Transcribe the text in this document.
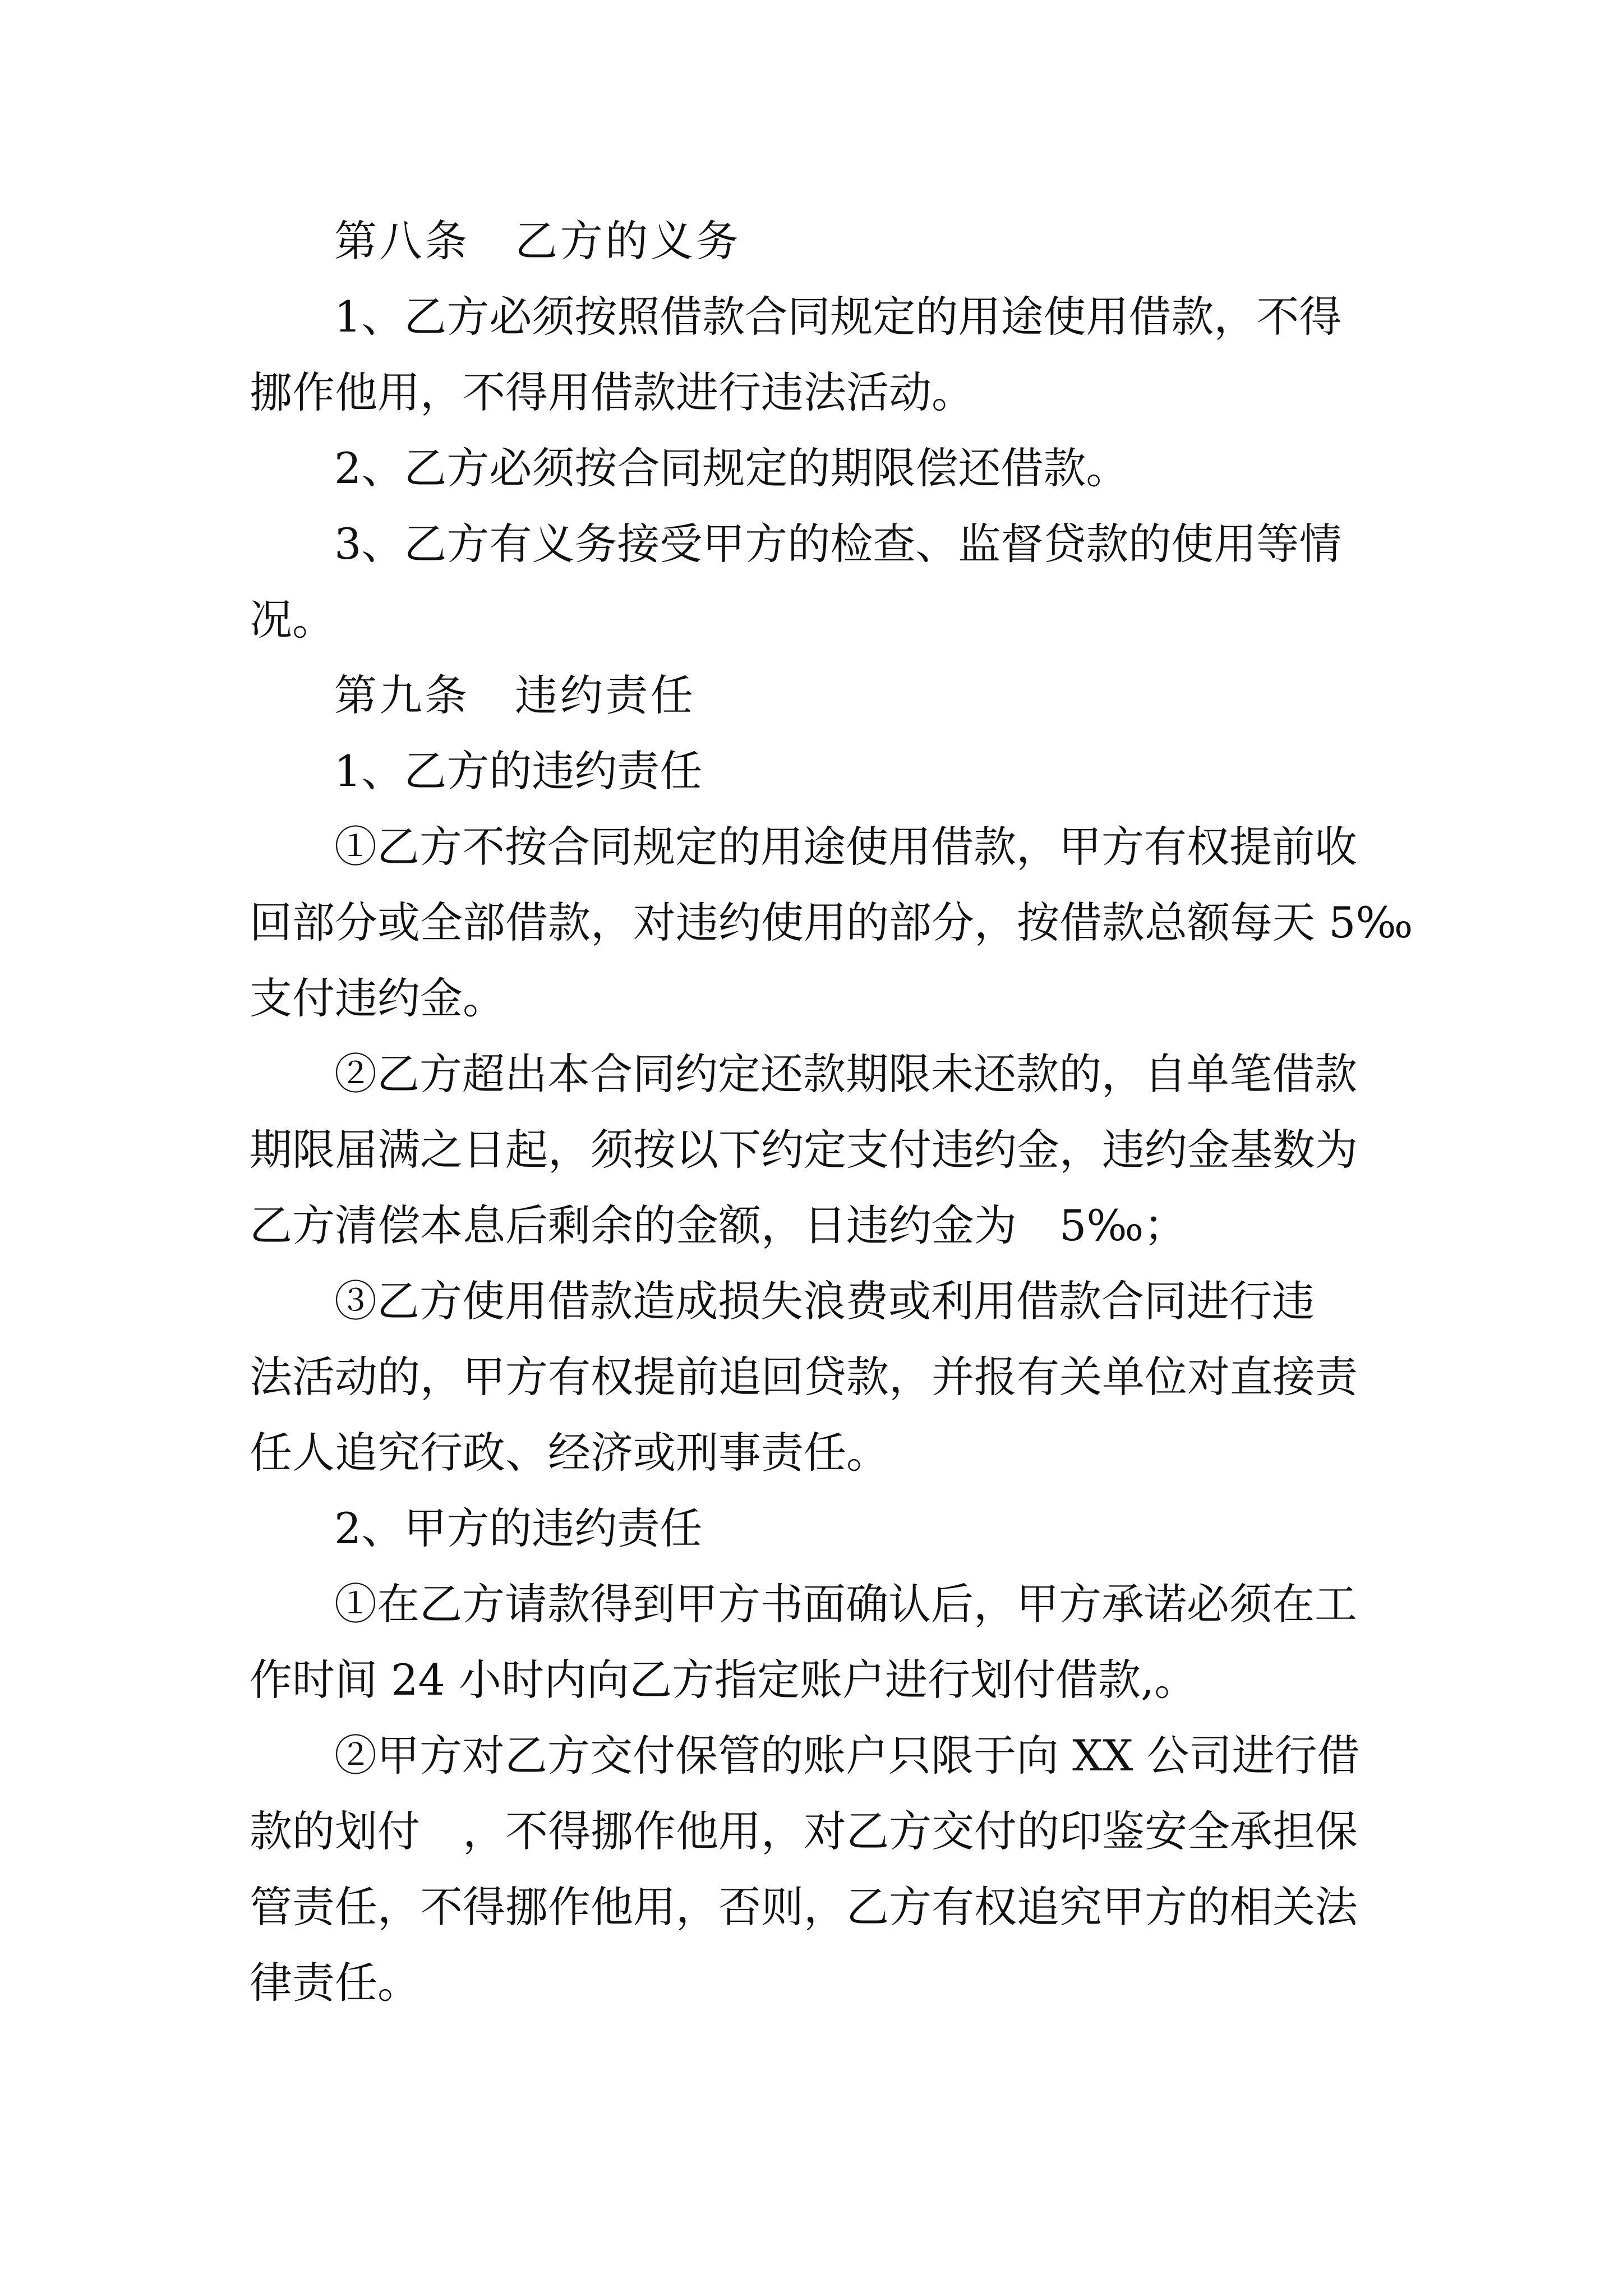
第八条　乙方的义务

1、乙方必须按照借款合同规定的用途使用借款，不得

挪作他用，不得用借款进行违法活动。

2、乙方必须按合同规定的期限偿还借款。

3、乙方有义务接受甲方的检查、监督贷款的使用等情

况。

第九条　违约责任

1、乙方的违约责任

①乙方不按合同规定的用途使用借款，甲方有权提前收

回部分或全部借款，对违约使用的部分，按借款总额每天 5‰

支付违约金。

②乙方超出本合同约定还款期限未还款的，自单笔借款

期限届满之日起，须按以下约定支付违约金，违约金基数为

乙方清偿本息后剩余的金额，日违约金为　5‰；

③乙方使用借款造成损失浪费或利用借款合同进行违

法活动的，甲方有权提前追回贷款，并报有关单位对直接责

任人追究行政、经济或刑事责任。

2、甲方的违约责任

①在乙方请款得到甲方书面确认后，甲方承诺必须在工

作时间 24 小时内向乙方指定账户进行划付借款,。

②甲方对乙方交付保管的账户只限于向 XX 公司进行借

款的划付　，不得挪作他用，对乙方交付的印鉴安全承担保

管责任，不得挪作他用，否则，乙方有权追究甲方的相关法

律责任。
